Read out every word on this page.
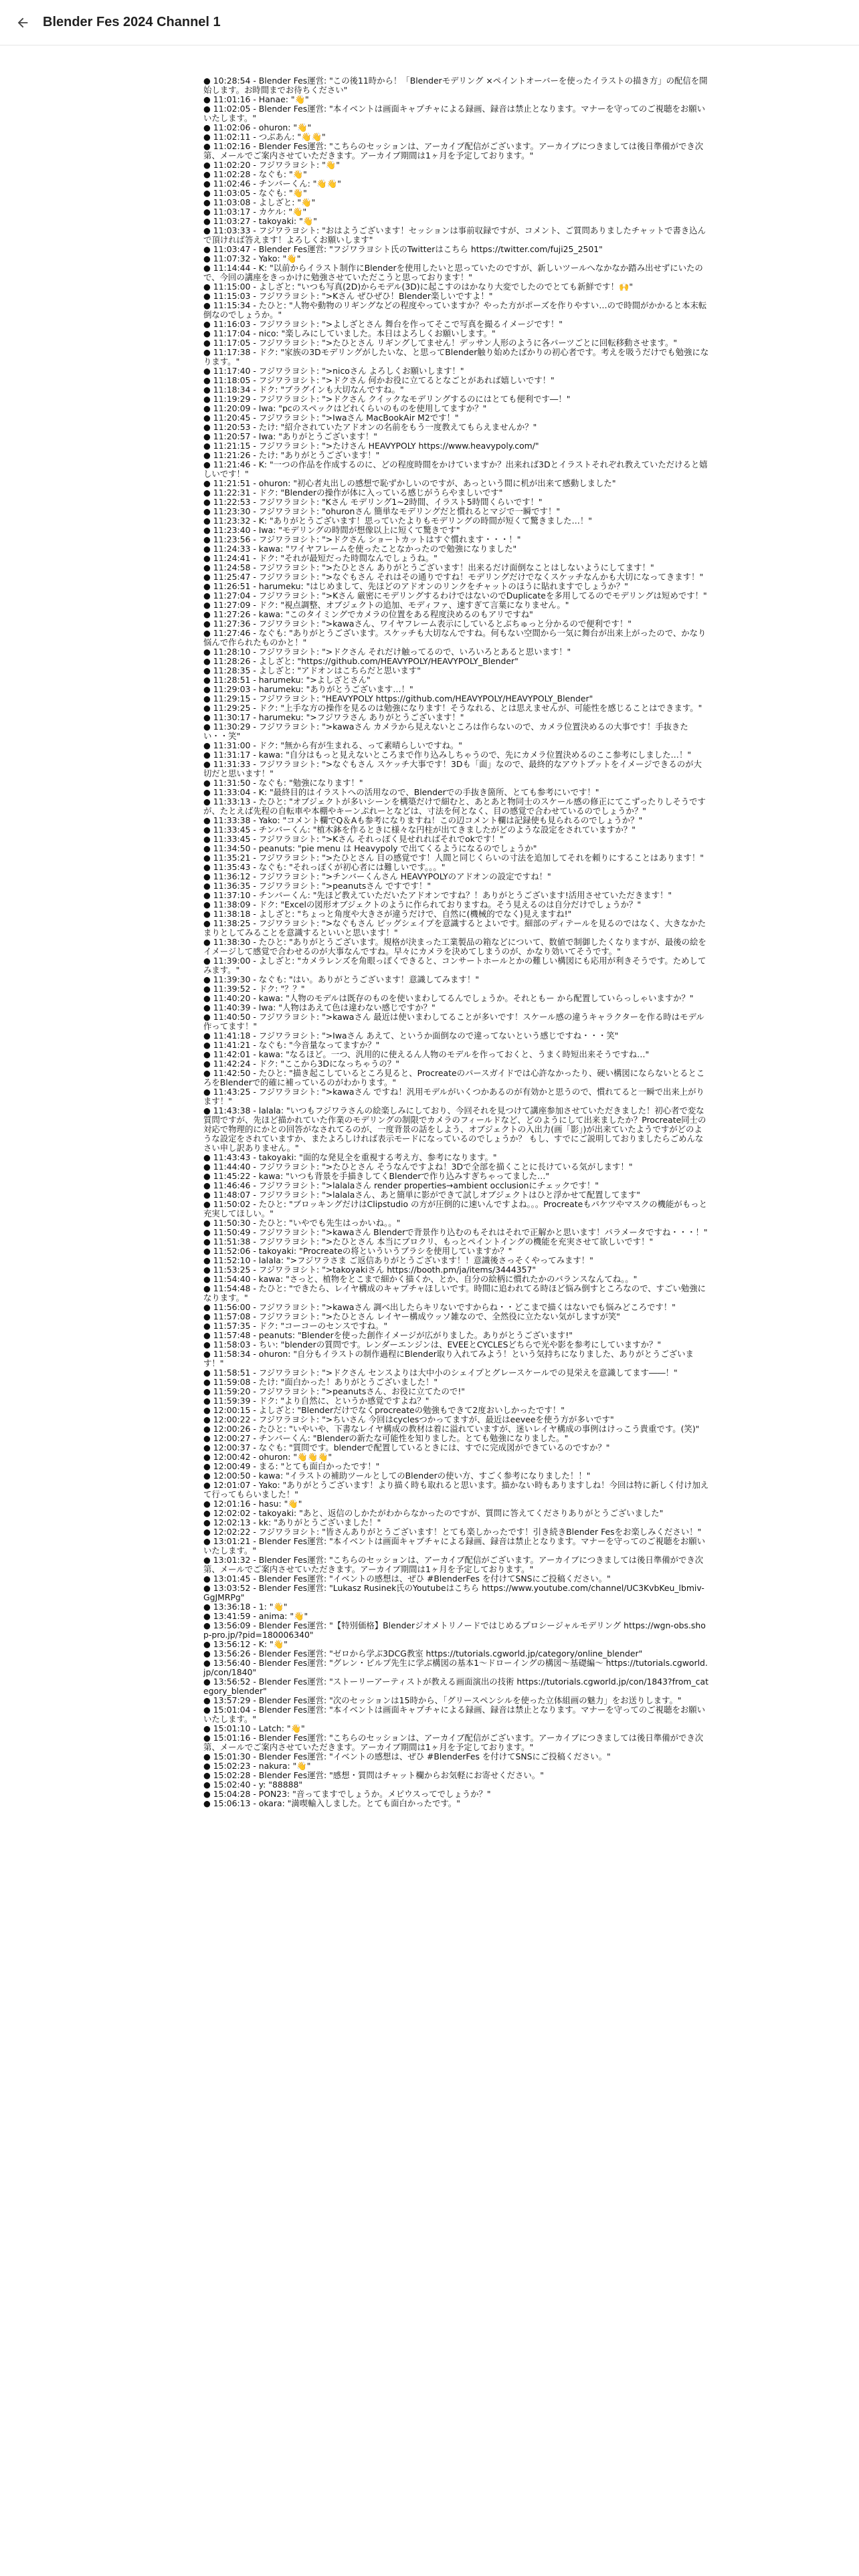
Blender Fes 2024 Channel 1

● 10:28:54 - Blender Fes運営: "この後11時から！「Blenderモデリング ×ペイントオーバーを使ったイラストの描き方」の配信を開始します。お時間までお待ちください"

● 11:01:16 - Hanae: "👋"

● 11:02:05 - Blender Fes運営: "本イベントは画面キャプチャによる録画、録音は禁止となります。マナーを守ってのご視聴をお願いいたします。"

● 11:02:06 - ohuron: "👋"

● 11:02:11 - つぶあん: "👋👋"

● 11:02:16 - Blender Fes運営: "こちらのセッションは、アーカイブ配信がございます。アーカイブにつきましては後日準備ができ次第、メールでご案内させていただきます。アーカイブ期間は1ヶ月を予定しております。"

● 11:02:20 - フジワラヨシト: "👋"

● 11:02:28 - なぐも: "👋"

● 11:02:46 - チンバーくん: "👋👋"

● 11:03:05 - なぐも: "👋"

● 11:03:08 - よしざと: "👋"

● 11:03:17 - カケル: "👋"

● 11:03:27 - takoyaki: "👋"

● 11:03:33 - フジワラヨシト: "おはようございます！セッションは事前収録ですが、コメント、ご質問ありましたチャットで書き込んで頂ければ答えます！よろしくお願いします"

● 11:03:47 - Blender Fes運営: "フジワラヨシト氏のTwitterはこちら https://twitter.com/fuji25_2501"

● 11:07:32 - Yako: "👋"

● 11:14:44 - K: "以前からイラスト制作にBlenderを使用したいと思っていたのですが、新しいツールへなかなか踏み出せずにいたので、今回の講座をきっかけに勉強させていただこうと思っております！"

● 11:15:00 - よしざと: "いつも写真(2D)からモデル(3D)に起こすのはかなり大変でしたのでとても新鮮です！🙌"

● 11:15:03 - フジワラヨシト: ">Kさん ぜひぜひ！Blender楽しいですよ！"

● 11:15:34 - たひと: "人物や動物のリギングなどの程度やっていますか？やった方がポーズを作りやすい…ので時間がかかると本末転倒なのでしょうか。"

● 11:16:03 - フジワラヨシト: ">よしざとさん 舞台を作ってそこで写真を撮るイメージです！"

● 11:17:04 - nico: "楽しみにしていました。本日はよろしくお願いします。"

● 11:17:05 - フジワラヨシト: ">たひとさん リギングしてません！デッサン人形のように各パーツごとに回転移動させます。"

● 11:17:38 - ドク: "家族の3Dモデリングがしたいな、と思ってBlender触り始めたばかりの初心者です。考えを吸うだけでも勉強になります。"

● 11:17:40 - フジワラヨシト: ">nicoさん よろしくお願いします！"

● 11:18:05 - フジワラヨシト: ">ドクさん 何かお役に立てるとなごとがあれば嬉しいです！"

● 11:18:34 - ドク: "ブラグインも大切なんですね。"

● 11:19:29 - フジワラヨシト: ">ドクさん クイックなモデリングするのにはとても便利です―！"

● 11:20:09 - Iwa: "pcのスペックはどれくらいのものを使用してますか？"

● 11:20:45 - フジワラヨシト: ">Iwaさん MacBookAir M2です！"

● 11:20:53 - たけ: "紹介されていたアドオンの名前をもう一度教えてもらえませんか？"

● 11:20:57 - Iwa: "ありがとうございます！"

● 11:21:15 - フジワラヨシト: ">たけさん HEAVYPOLY https://www.heavypoly.com/"

● 11:21:26 - たけ: "ありがとうございます！"

● 11:21:46 - K: "一つの作品を作成するのに、どの程度時間をかけていますか？出来れば3Dとイラストそれぞれ教えていただけると嬉しいです！"

● 11:21:51 - ohuron: "初心者丸出しの感想で恥ずかしいのですが、あっという間に机が出来て感動しました"

● 11:22:31 - ドク: "Blenderの操作が体に入っている感じがうらやましいです"

● 11:22:53 - フジワラヨシト: "Kさん モデリング1~2時間、イラスト5時間くらいです！"

● 11:23:30 - フジワラヨシト: "ohuronさん 簡単なモデリングだと慣れるとマジで一瞬です！"

● 11:23:32 - K: "ありがとうございます！思っていたよりもモデリングの時間が短くて驚きました…！"

● 11:23:40 - Iwa: "モデリングの時間が想像以上に短くて驚きです"

● 11:23:56 - フジワラヨシト: ">ドクさん ショートカットはすぐ慣れます・・・！"

● 11:24:33 - kawa: "ワイヤフレームを使ったことなかったので勉強になりました"

● 11:24:41 - ドク: "それが最短だった時間なんでしょうね。"

● 11:24:58 - フジワラヨシト: ">たひとさん ありがとうございます！出来るだけ面倒なことはしないようにしてます！"

● 11:25:47 - フジワラヨシト: ">なぐもさん それはその通りですね！モデリングだけでなくスケッチなんかも大切になってきます！"

● 11:26:51 - harumeku: "はじめまして、先ほどのアドオンのリンクをチャットのほうに貼れますでしょうか？"

● 11:27:04 - フジワラヨシト: ">Kさん 厳密にモデリングするわけではないのでDuplicateを多用してるのでモデリングは短めです！"

● 11:27:09 - ドク: "視点調整、オブジェクトの追加、モディファ、速すぎて言葉になりません。"

● 11:27:26 - kawa: "このタイミングでカメラの位置をある程度決めるのもアリですね"

● 11:27:36 - フジワラヨシト: ">kawaさん、ワイヤフレーム表示にしているとぶちゅっと分かるので便利です！"

● 11:27:46 - なぐも: "ありがとうございます。スケッチも大切なんですね。何もない空間から一気に舞台が出来上がったので、かなり悩んで作られたものかと！"

● 11:28:10 - フジワラヨシト: ">ドクさん それだけ触ってるので、いろいろとあると思います！"

● 11:28:26 - よしざと: "https://github.com/HEAVYPOLY/HEAVYPOLY_Blender"

● 11:28:35 - よしざと: "アドオンはこちらだと思います"

● 11:28:51 - harumeku: ">よしざとさん"

● 11:29:03 - harumeku: "ありがとうございます…！"

● 11:29:15 - フジワラヨシト: "HEAVYPOLY https://github.com/HEAVYPOLY/HEAVYPOLY_Blender"

● 11:29:25 - ドク: "上手な方の操作を見るのは勉強になります！そうなれる、とは思えませんが、可能性を感じることはできます。"

● 11:30:17 - harumeku: ">フジワラさん ありがとうございます！"

● 11:30:29 - フジワラヨシト: ">kawaさん カメラから見えないところは作らないので、カメラ位置決めるの大事です！手抜きたい・・笑"

● 11:31:00 - ドク: "無から有が生まれる、って素晴らしいですね。"

● 11:31:17 - kawa: "自分はもっと見えないところまで作り込みしちゃうので、先にカメラ位置決めるのここ参考にしました…！"

● 11:31:33 - フジワラヨシト: ">なぐもさん スケッチ大事です！3Dも「面」なので、最終的なアウトプットをイメージできるのが大切だと思います！"

● 11:31:50 - なぐも: "勉強になります！"

● 11:33:04 - K: "最終目的はイラストへの活用なので、Blenderでの手抜き箇所、とても参考にいです！"

● 11:33:13 - たひと: "オブジェクトが多いシーンを構築だけで細むと、あとあと物同士のスケール感の修正にてこずったりしそうですが、たとえば先程の自転車や本棚やキーンぷれーとなどは、寸法を何となく、目の感覚で合わせているのでしょうか？"

● 11:33:38 - Yako: "コメント欄でQ＆Aも参考になりますね！この辺コメント欄は記録使も見られるのでしょうか？"

● 11:33:45 - チンバーくん: "植木鉢を作るときに様々な円柱が出てきましたがどのような設定をされていますか？"

● 11:33:45 - フジワラヨシト: ">Kさん それっぽく見せれればそれでokです！"

● 11:34:50 - peanuts: "pie menu は Heavypoly で出てくるようになるのでしょうか"

● 11:35:21 - フジワラヨシト: ">たひとさん 目の感覚です！人間と同じくらいの寸法を追加してそれを頼りにすることはあります！"

● 11:35:43 - なぐも: "それっぽくが初心者には難しいです。。。"

● 11:36:12 - フジワラヨシト: ">チンバーくんさん HEAVYPOLYのアドオンの設定ですね！"

● 11:36:35 - フジワラヨシト: ">peanutsさん ですです！"

● 11:37:10 - チンバーくん: "先ほど教えていただいたアドオンですね？！ありがとうございます!活用させていただきます！"

● 11:38:09 - ドク: "Excelの図形オブジェクトのように作られておりますね。そう見えるのは自分だけでしょうか？"

● 11:38:18 - よしざと: "ちょっと角度や大きさが違うだけで、自然に(機械的でなく)見えますね!"

● 11:38:25 - フジワラヨシト: ">なぐもさん ビッグシェイプを意識するとよいです。細部のディテールを見るのではなく、大きなかたまりとしてみることを意識するといいと思います！"

● 11:38:30 - たひと: "ありがとうございます。規格が決まった工業製品の箱などについて、数値で制御したくなりますが、最後の絵をイメージして感覚で合わせるのが大事なんですね。早々にカメラを決めてしまうのが、かなり効いてそうです。"

● 11:39:00 - よしざと: "カメラレンズを角眼っぽくできると、コンサートホールとかの難しい構図にも応用が利きそうです。ためしてみます。"

● 11:39:30 - なぐも: "はい。ありがとうございます！意識してみます！"

● 11:39:52 - ドク: "？？"

● 11:40:20 - kawa: "人物のモデルは既存のものを使いまわしてるんでしょうか。それともー から配置していらっしゃいますか？"

● 11:40:39 - Iwa: "人物はあえて色は違わない感じですか？"

● 11:40:50 - フジワラヨシト: ">kawaさん 最近は使いまわしてることが多いです！スケール感の違うキャラクターを作る時はモデル作ってます！"

● 11:41:18 - フジワラヨシト: ">Iwaさん あえて、というか面倒なので違ってないという感じですね・・・笑"

● 11:41:21 - なぐも: "今音量なってますか？"

● 11:42:01 - kawa: "なるほど。一つ、汎用的に使えるん人物のモデルを作っておくと、うまく時短出来そうですね…"

● 11:42:24 - ドク: "ここから3Dになっちゃうの？"

● 11:42:50 - たひと: "描き起こしているところ見ると、Procreateのパースガイドでは心許なかったり、硬い構図にならないとるところをBlenderで的確に補っているのがわかります。"

● 11:43:25 - フジワラヨシト: ">kawaさん ですね！汎用モデルがいくつかあるのが有効かと思うので、慣れてると一瞬で出来上がります！"

● 11:43:38 - lalala: "いつもフジワラさんの絵楽しみにしており、今回それを見つけて講座参加させていただきました！初心者で変な質問ですが、先ほど描かれていた作業のモデリングの制限でカメラのフィールドなど、どのようにして出来ましたか？Procreate同士の対応で物理的にかとの回答がなされてるのが、一度背景の話をしよう、オブジェクトの入出力(画「影」)が出来ていたようですがどのような設定をされていますか、またよろしければ表示モードになっているのでしょうか？ もし、すでにご説明しておりましたらごめんなさい申し訳ありません。"

● 11:43:43 - takoyaki: "面的な発見全を重視する考え方、参考になります。"

● 11:44:40 - フジワラヨシト: ">たひとさん そうなんですよね！3Dで全部を描くことに長けている気がします！"

● 11:45:22 - kawa: "いつも背景を手描きしてくBlenderで作り込みすぎちゃってました…"

● 11:46:46 - フジワラヨシト: ">lalalaさん render properties→ambient occlusionにチェックです！"

● 11:48:07 - フジワラヨシト: ">lalalaさん、あと簡単に影ができて試しオブジェクトはひと浮かせて配置してます"

● 11:50:02 - たひと: "ブロッキングだけはClipstudio の方が圧倒的に速いんですよね。。。Procreateもパケツやマスクの機能がもっと充実してほしい。"

● 11:50:30 - たひと: "いやでも先生はっかいね。。"

● 11:50:49 - フジワラヨシト: ">kawaさん Blenderで背景作り込むのもそれはそれで正解かと思います！パラメータですね・・・！"

● 11:51:38 - フジワラヨシト: ">たひとさん 本当にブロクリ、もっとペイントイングの機能を充実させて欲しいです！"

● 11:52:06 - takoyaki: "Procreateの将といういうブラシを使用していますか？"

● 11:52:10 - lalala: ">フジワラさま ご返信ありがとうございます！！意識後さっそくやってみます！"

● 11:53:25 - フジワラヨシト: ">takoyakiさん https://booth.pm/ja/items/3444357"

● 11:54:40 - kawa: "さっと、植物をとこまで細かく描くか、とか、自分の絵柄に慣れたかのバランスなんてね。。"

● 11:54:48 - たひと: "できたら、レイヤ構成のキャプチャほしいです。時間に追われてる時ほど悩み倒すところなので、すごい勉強になります。"

● 11:56:00 - フジワラヨシト: ">kawaさん 調べ出したらキリないですからね・・どこまで描くはないでも悩みどころです！"

● 11:57:08 - フジワラヨシト: ">たひとさん レイヤー構成ウッソ雑なので、全然役に立たない気がしますが笑"

● 11:57:35 - ドク: "コーコーのセンスですね。"

● 11:57:48 - peanuts: "Blenderを使った創作イメージが広がりました。ありがとうございます!"

● 11:58:03 - ちい: "blenderの質問です。レンダーエンジンは、EVEEとCYCLESどちらで光や影を参考にしていますか？"

● 11:58:34 - ohuron: "自分もイラストの制作過程にBlender取り入れてみよう！という気持ちになりました、ありがとうございます！"

● 11:58:51 - フジワラヨシト: ">ドクさん センスよりは大中小のシェイプとグレースケールでの見栄えを意識してます――！"

● 11:59:08 - たけ: "面白かった！ありがとうございました！"

● 11:59:20 - フジワラヨシト: ">peanutsさん、お役に立てたので!"

● 11:59:39 - ドク: "より自然に、というか感覚ですよね？"

● 12:00:15 - よしざと: "Blenderだけでなくprocreateの勉強もできて2度おいしかったです！"

● 12:00:22 - フジワラヨシト: ">ちいさん 今回はcyclesつかってますが、最近はeeveeを使う方が多いです"

● 12:00:26 - たひと: "いやいや、下書なレイヤ構成の教材は着に溢れていますが、迷いレイヤ構成の事例はけっこう貴重です。(笑)"

● 12:00:27 - チンバーくん: "Blenderの新たな可能性を知りました。とても勉強になりました。"

● 12:00:37 - なぐも: "質問です。blenderで配置しているときには、すでに完成図ができているのですか？"

● 12:00:42 - ohuron: "👋👋👋"

● 12:00:49 - まる: "とても面白かったです！"

● 12:00:50 - kawa: "イラストの補助ツールとしてのBlenderの使い方、すごく参考になりました！！"

● 12:01:07 - Yako: "ありがとうございます！より描く時も取れると思います。描かない時もありますしね！今回は特に新しく付け加えて行ってもらいました！"

● 12:01:16 - hasu: "👋"

● 12:02:02 - takoyaki: "あと、返信のしかたがわからなかったのですが、質問に答えてくださりありがとうございました"

● 12:02:13 - kk: "ありがとうございました！"

● 12:02:22 - フジワラヨシト: "皆さんありがとうございます！とても楽しかったです！引き続きBlender Fesをお楽しみください！"

● 13:01:21 - Blender Fes運営: "本イベントは画面キャプチャによる録画、録音は禁止となります。マナーを守ってのご視聴をお願いいたします。"

● 13:01:32 - Blender Fes運営: "こちらのセッションは、アーカイブ配信がございます。アーカイブにつきましては後日準備ができ次第、メールでご案内させていただきます。アーカイブ期間は1ヶ月を予定しております。"

● 13:01:45 - Blender Fes運営: "イベントの感想は、ぜひ #BlenderFes を付けてSNSにご投稿ください。"

● 13:03:52 - Blender Fes運営: "Lukasz Rusinek氏のYoutubeはこちら https://www.youtube.com/channel/UC3KvbKeu_lbmiv-GgJMRPg"

● 13:36:18 - 1: "👋"

● 13:41:59 - anima: "👋"

● 13:56:09 - Blender Fes運営: "【特別価格】Blenderジオメトリノードではじめるプロシージャルモデリング https://wgn-obs.shop-pro.jp/?pid=180006340"

● 13:56:12 - K: "👋"

● 13:56:26 - Blender Fes運営: "ゼロから学ぶ3DCG教室 https://tutorials.cgworld.jp/category/online_blender"

● 13:56:40 - Blender Fes運営: "グレン・ビルプ先生に学ぶ構図の基本1〜ドローイングの構図〜基礎編〜 https://tutorials.cgworld.jp/con/1840"

● 13:56:52 - Blender Fes運営: "ストーリーアーティストが教える画面演出の技術 https://tutorials.cgworld.jp/con/1843?from_category_blender"

● 13:57:29 - Blender Fes運営: "次のセッションは15時から、「グリースペンシルを使った立体組画の魅力」をお送りします。"

● 15:01:04 - Blender Fes運営: "本イベントは画面キャプチャによる録画、録音は禁止となります。マナーを守ってのご視聴をお願いいたします。"

● 15:01:10 - Latch: "👋"

● 15:01:16 - Blender Fes運営: "こちらのセッションは、アーカイブ配信がございます。アーカイブにつきましては後日準備ができ次第、メールでご案内させていただきます。アーカイブ期間は1ヶ月を予定しております。"

● 15:01:30 - Blender Fes運営: "イベントの感想は、ぜひ #BlenderFes を付けてSNSにご投稿ください。"

● 15:02:23 - nakura: "👋"

● 15:02:28 - Blender Fes運営: "感想・質問はチャット欄からお気軽にお寄せください。"

● 15:02:40 - y: "88888"

● 15:04:28 - PON23: "音ってますでしょうか。メピウスってでしょうか？"

● 15:06:13 - okara: "満喫輸入しました。とても面白かったです。"
